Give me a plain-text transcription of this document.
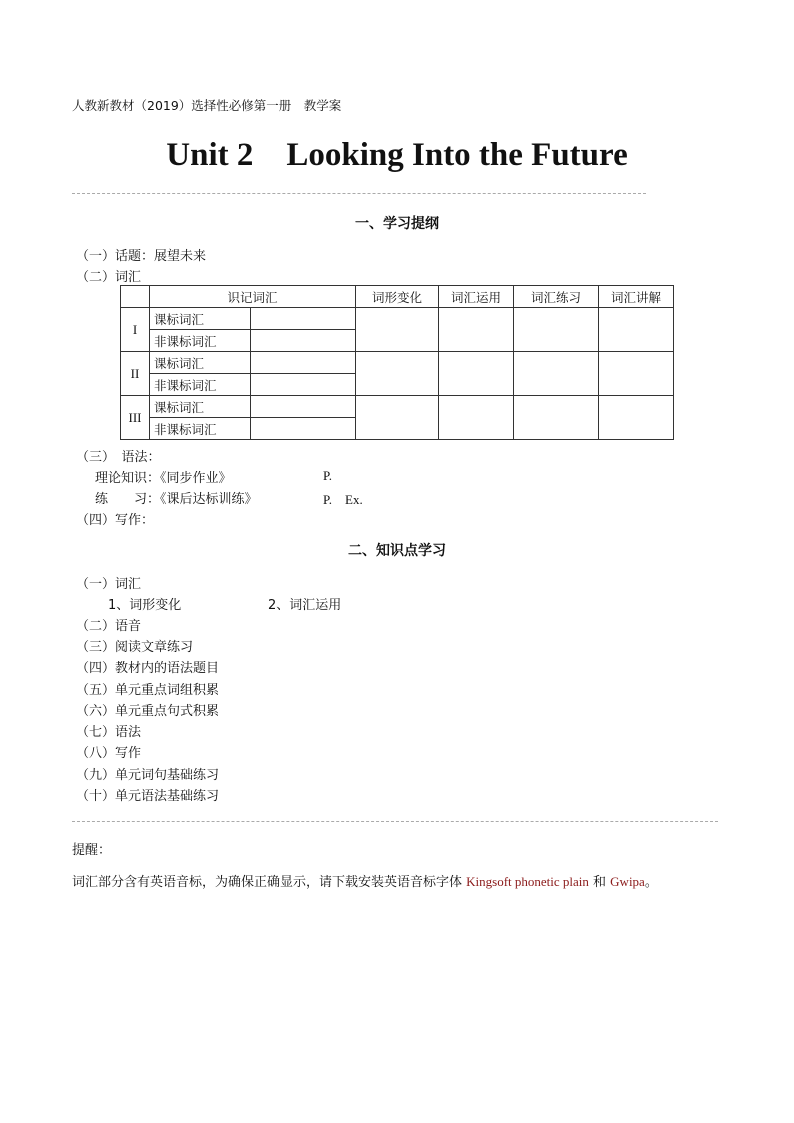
人教新教材（2019）选择性必修第一册　教学案
Unit 2　Looking Into the Future
一、学习提纲
（一）话题：展望未来
（二）词汇
	识记词汇		词形变化	词汇运用	词汇练习	词汇讲解
I	课标词汇					
	非课标词汇					
II	课标词汇					
	非课标词汇					
III	课标词汇					
	非课标词汇					
（三）　语法：
理论知识：《同步作业》	P.
练　　习：《课后达标训练》	P.　Ex.
（四）写作：
二、知识点学习
（一）词汇
1、词形变化	2、词汇运用
（二）语音
（三）阅读文章练习
（四）教材内的语法题目
（五）单元重点词组积累
（六）单元重点句式积累
（七）语法
（八）写作
（九）单元词句基础练习
（十）单元语法基础练习
提醒：
词汇部分含有英语音标，为确保正确显示，请下载安装英语音标字体 Kingsoft phonetic plain 和 Gwipa。
